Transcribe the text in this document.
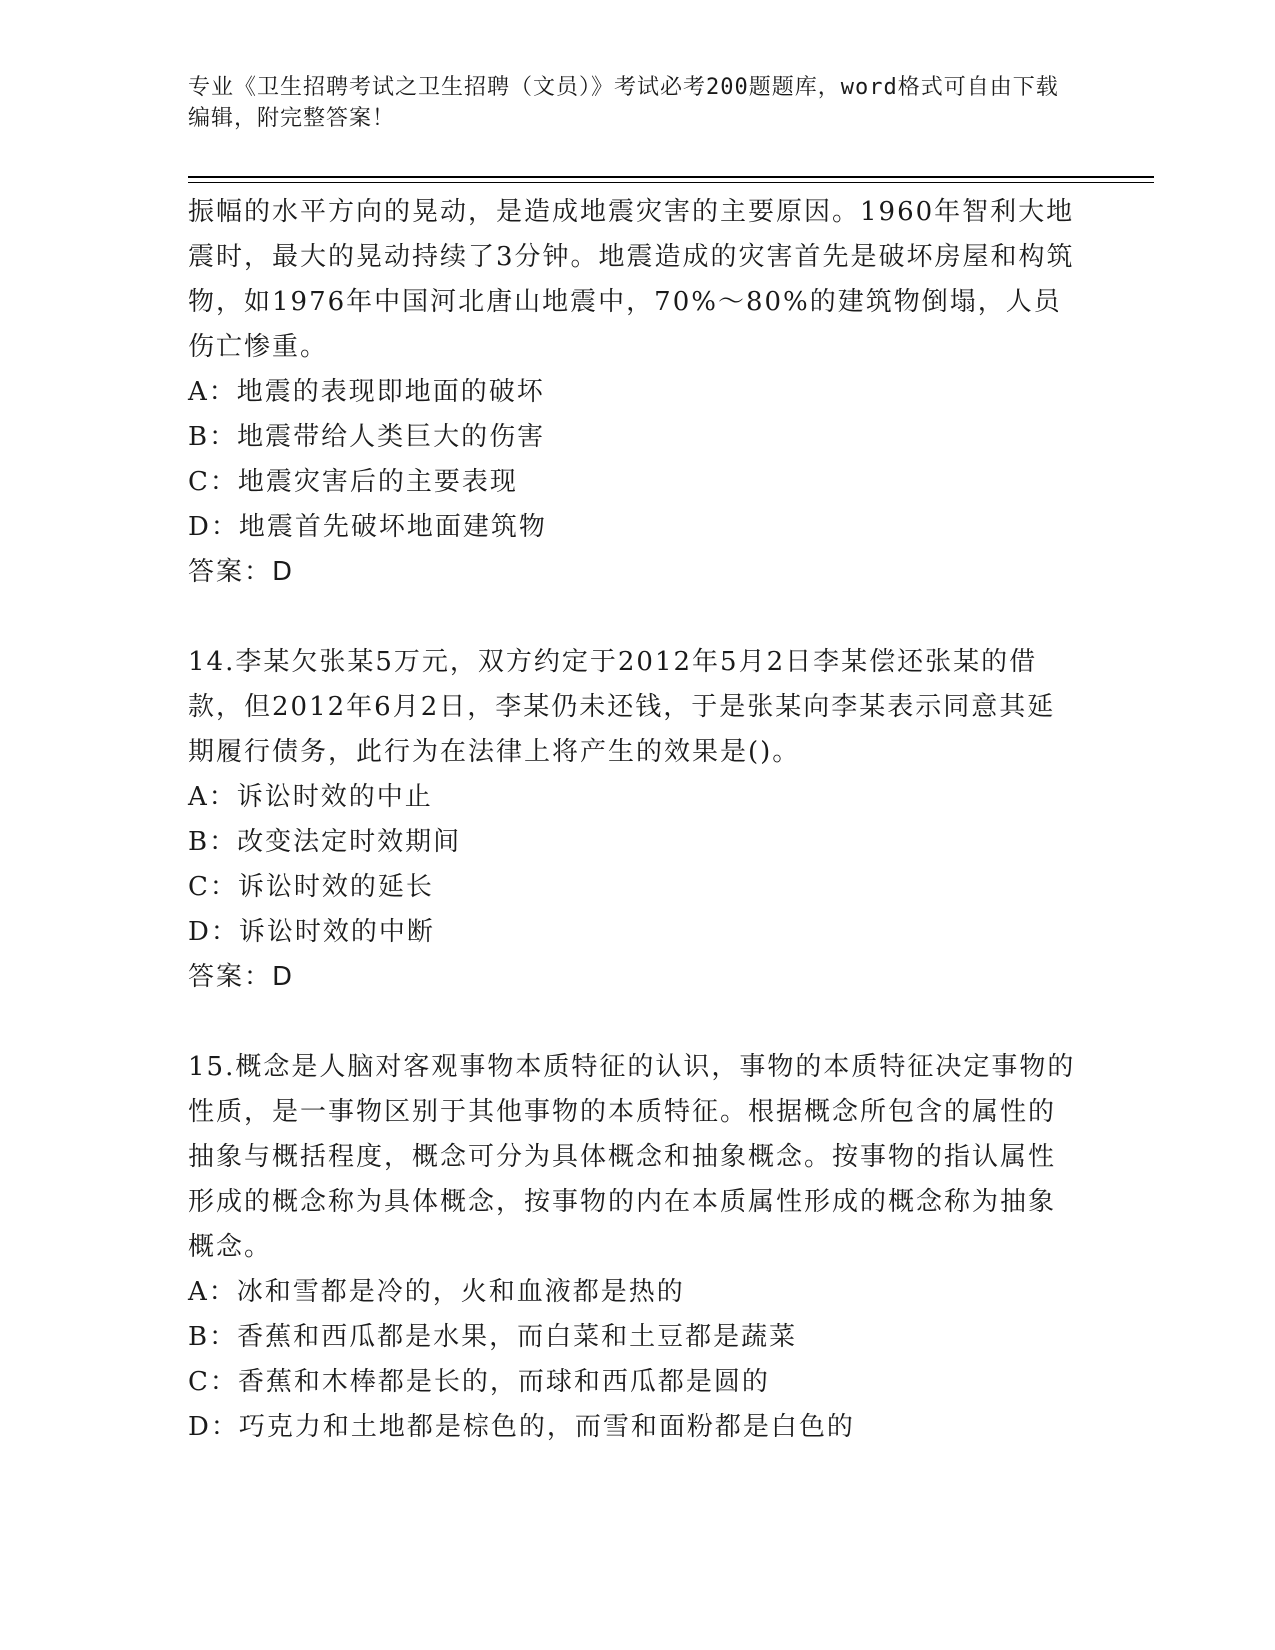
专业《卫生招聘考试之卫生招聘（文员）》考试必考200题题库，word格式可自由下载编辑，附完整答案！

振幅的水平方向的晃动，是造成地震灾害的主要原因。1960年智利大地震时，最大的晃动持续了3分钟。地震造成的灾害首先是破坏房屋和构筑物，如1976年中国河北唐山地震中，70%～80%的建筑物倒塌，人员伤亡惨重。

A：地震的表现即地面的破坏

B：地震带给人类巨大的伤害

C：地震灾害后的主要表现

D：地震首先破坏地面建筑物

答案：D

14.李某欠张某5万元，双方约定于2012年5月2日李某偿还张某的借款，但2012年6月2日，李某仍未还钱，于是张某向李某表示同意其延期履行债务，此行为在法律上将产生的效果是()。

A：诉讼时效的中止

B：改变法定时效期间

C：诉讼时效的延长

D：诉讼时效的中断

答案：D

15.概念是人脑对客观事物本质特征的认识，事物的本质特征决定事物的性质，是一事物区别于其他事物的本质特征。根据概念所包含的属性的抽象与概括程度，概念可分为具体概念和抽象概念。按事物的指认属性形成的概念称为具体概念，按事物的内在本质属性形成的概念称为抽象概念。

A：冰和雪都是冷的，火和血液都是热的

B：香蕉和西瓜都是水果，而白菜和土豆都是蔬菜

C：香蕉和木棒都是长的，而球和西瓜都是圆的

D：巧克力和土地都是棕色的，而雪和面粉都是白色的
